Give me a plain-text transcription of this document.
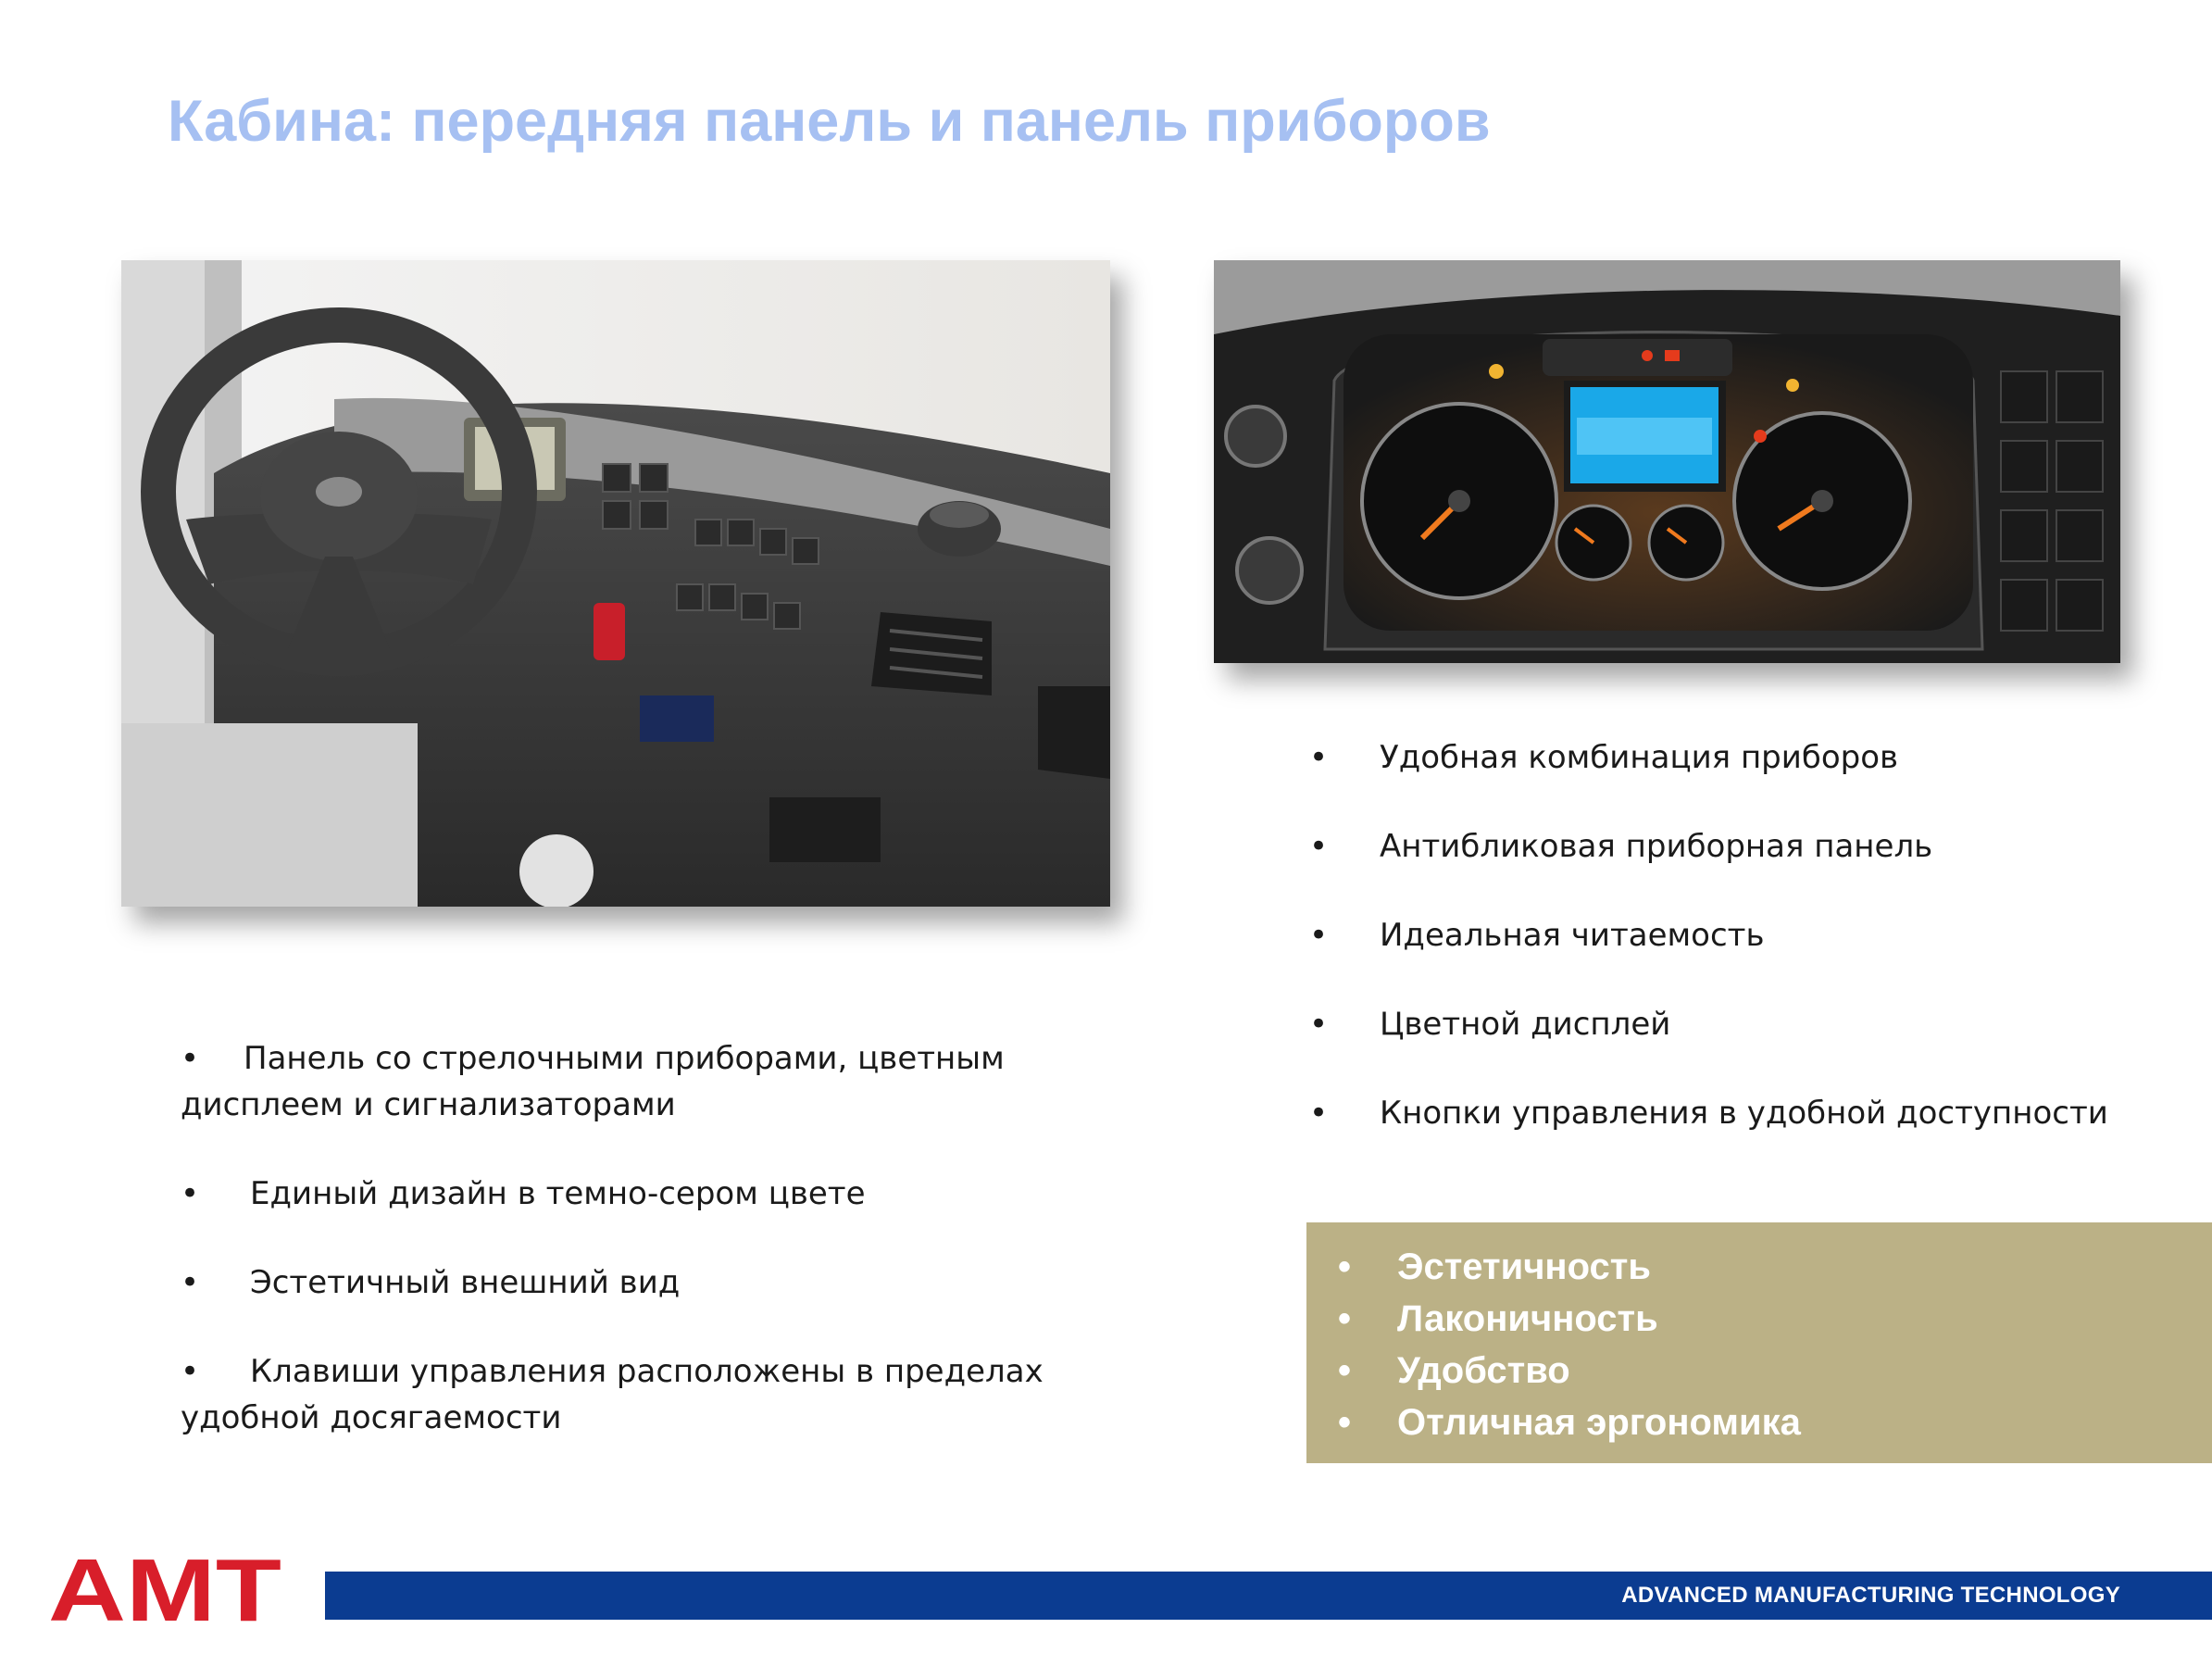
Кабина: передняя панель и панель приборов
• Панель со стрелочными приборами, цветным
дисплеем и сигнализаторами
• Единый дизайн в темно-сером цвете
• Эстетичный внешний вид
• Клавиши управления расположены в пределах
удобной досягаемости
• Удобная комбинация приборов
• Антибликовая приборная панель
• Идеальная читаемость
• Цветной дисплей
• Кнопки управления в удобной доступности
• Эстетичность
• Лаконичность
• Удобство
• Отличная эргономика
AMT	ADVANCED MANUFACTURING TECHNOLOGY
